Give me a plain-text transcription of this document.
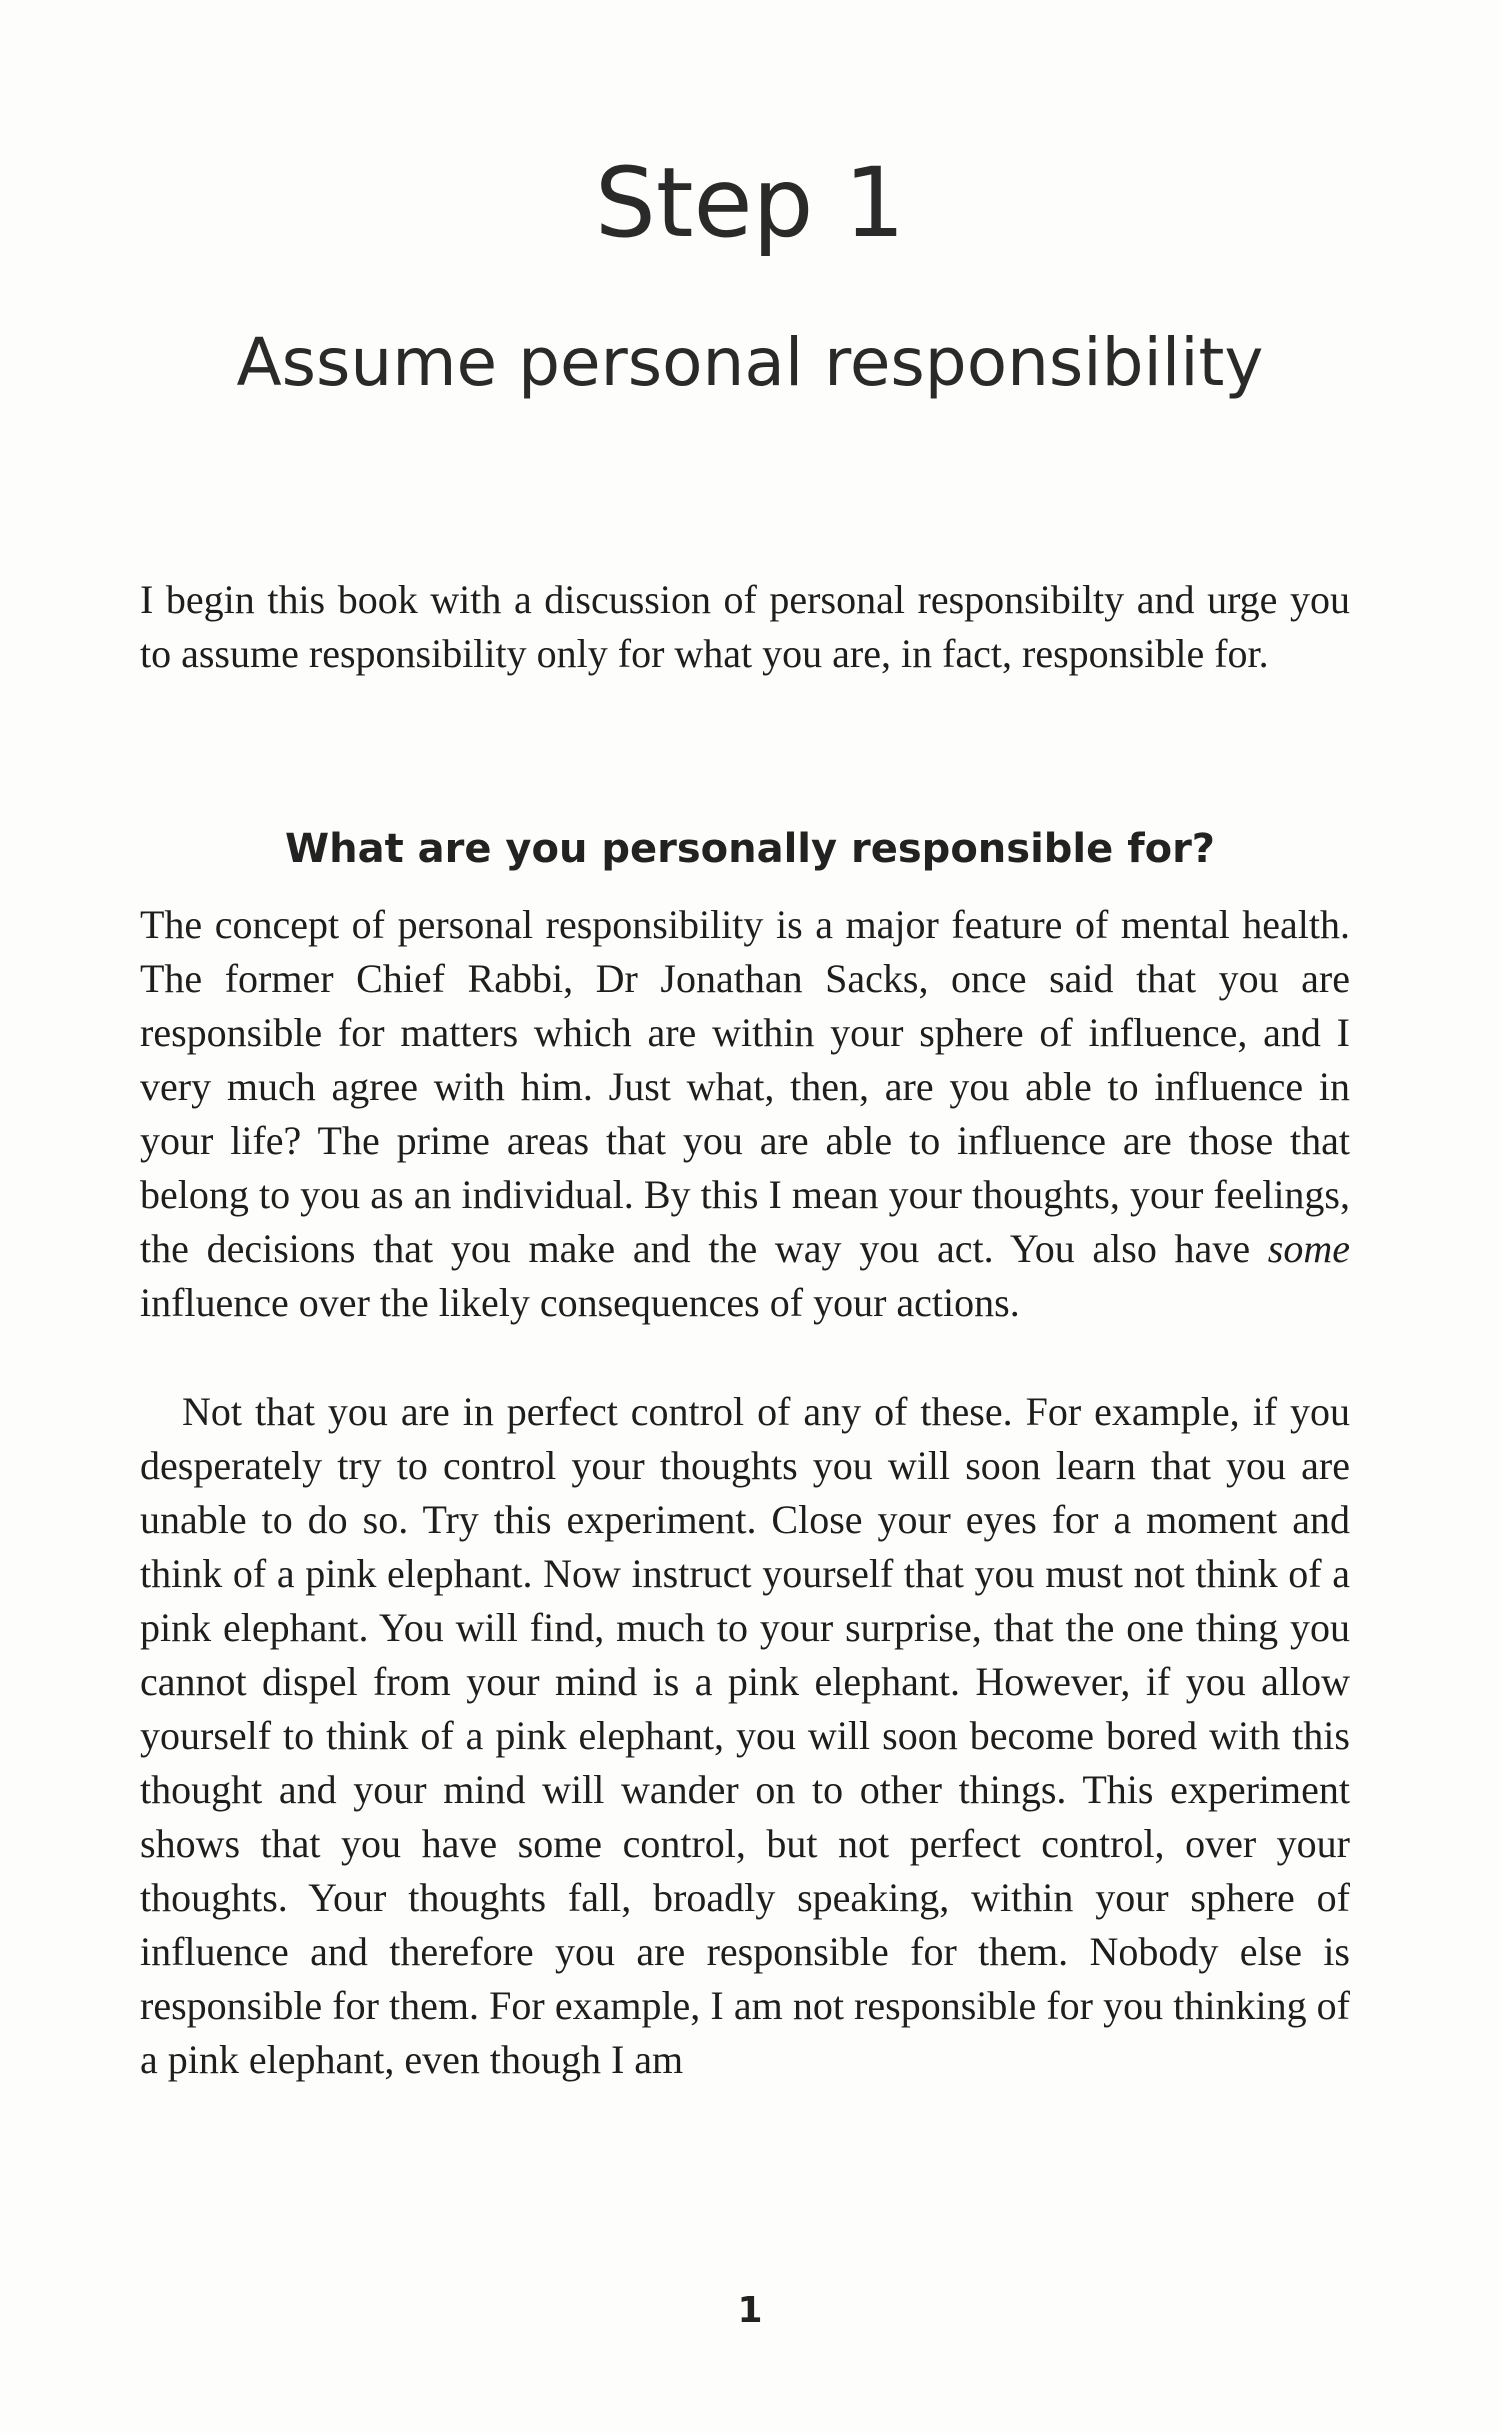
Step 1
Assume personal responsibility

I begin this book with a discussion of personal responsibilty and urge you to assume responsibility only for what you are, in fact, responsible for.

What are you personally responsible for?

The concept of personal responsibility is a major feature of mental health. The former Chief Rabbi, Dr Jonathan Sacks, once said that you are responsible for matters which are within your sphere of influence, and I very much agree with him. Just what, then, are you able to influence in your life? The prime areas that you are able to influence are those that belong to you as an individual. By this I mean your thoughts, your feelings, the decisions that you make and the way you act. You also have some influence over the likely consequences of your actions.

Not that you are in perfect control of any of these. For example, if you desperately try to control your thoughts you will soon learn that you are unable to do so. Try this experiment. Close your eyes for a moment and think of a pink elephant. Now instruct yourself that you must not think of a pink elephant. You will find, much to your surprise, that the one thing you cannot dispel from your mind is a pink elephant. However, if you allow yourself to think of a pink elephant, you will soon become bored with this thought and your mind will wander on to other things. This experiment shows that you have some control, but not perfect control, over your thoughts. Your thoughts fall, broadly speaking, within your sphere of influence and therefore you are responsible for them. Nobody else is responsible for them. For example, I am not responsible for you thinking of a pink elephant, even though I am

1
